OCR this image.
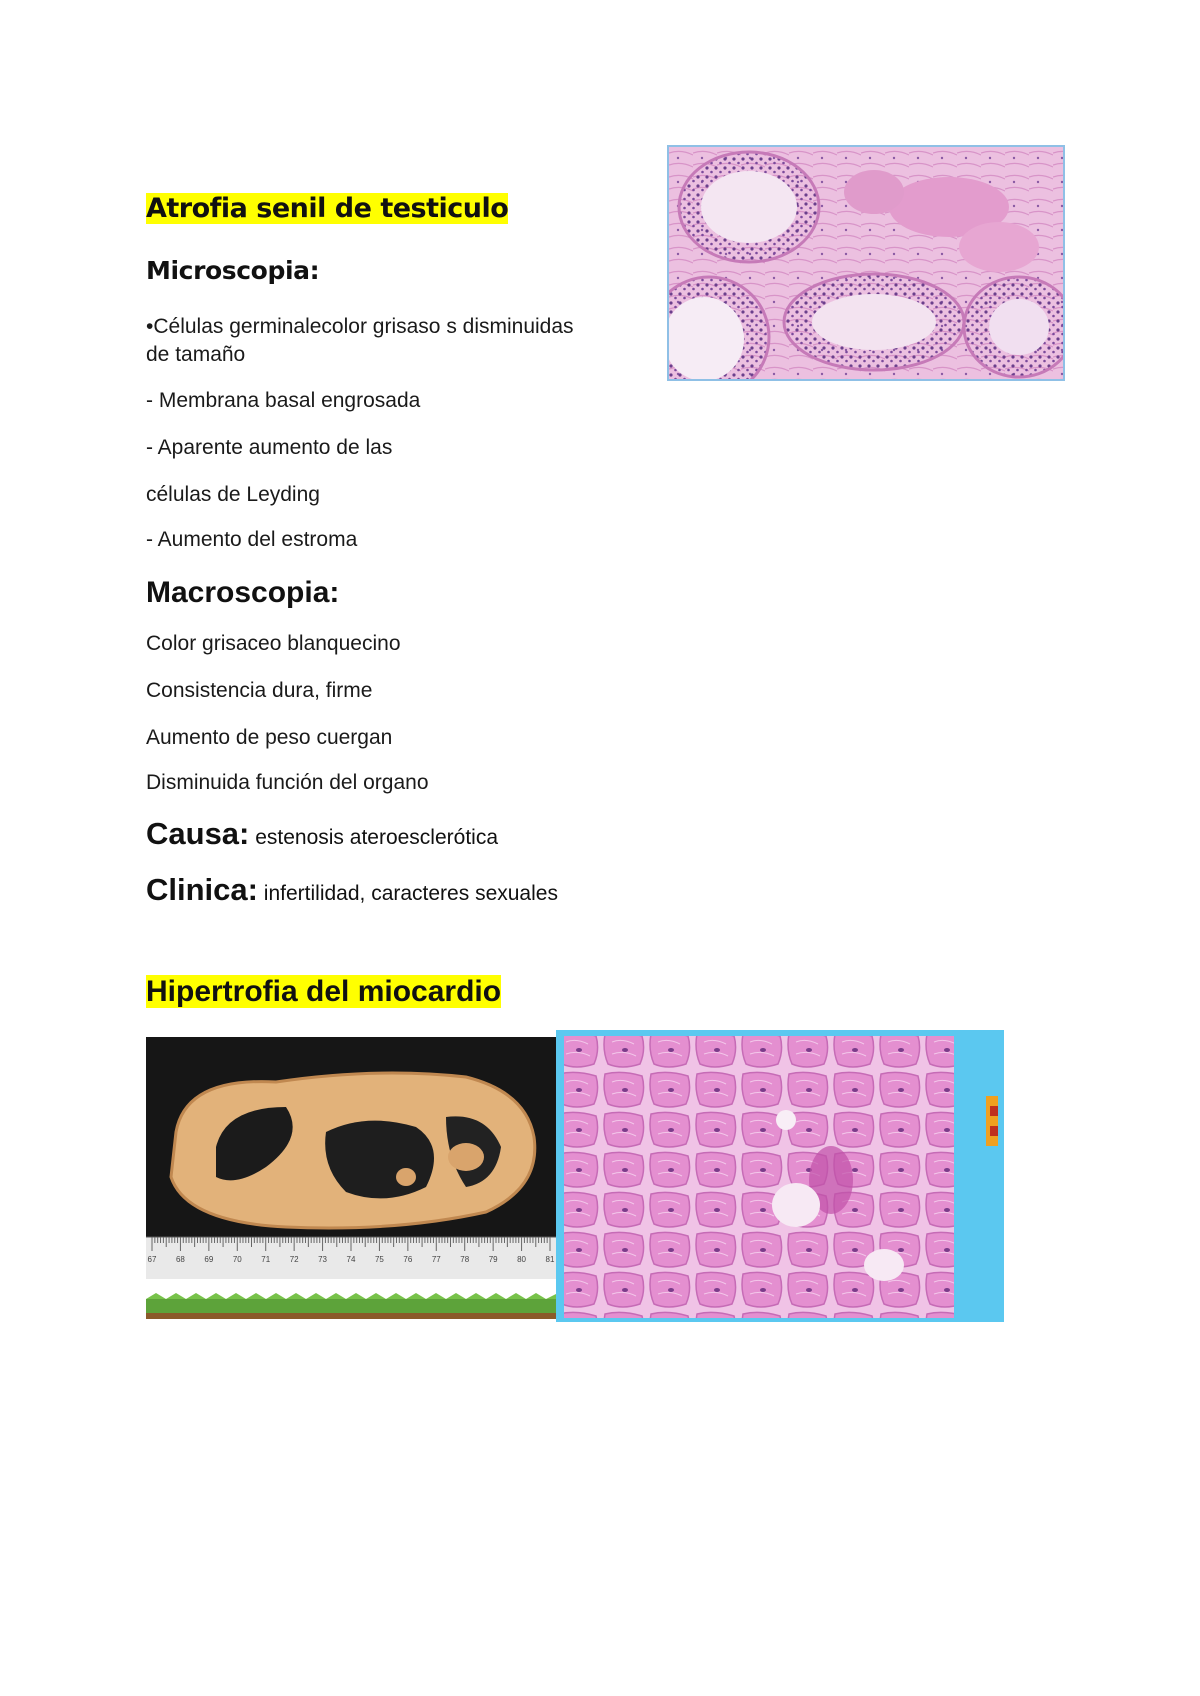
Atrofia senil de testiculo
Microscopia:
•Células germinalecolor grisaso s disminuidas
de tamaño
- Membrana basal engrosada
- Aparente aumento de las
células de Leyding
- Aumento del estroma
Macroscopia:
Color grisaceo blanquecino
Consistencia dura, firme
Aumento de peso cuergan
Disminuida función del organo
Causa: estenosis ateroesclerótica
Clinica: infertilidad, caracteres sexuales
Hipertrofia del miocardio
67 68 69 70 71 72 73 74 75 76 77 78 79 80 81
